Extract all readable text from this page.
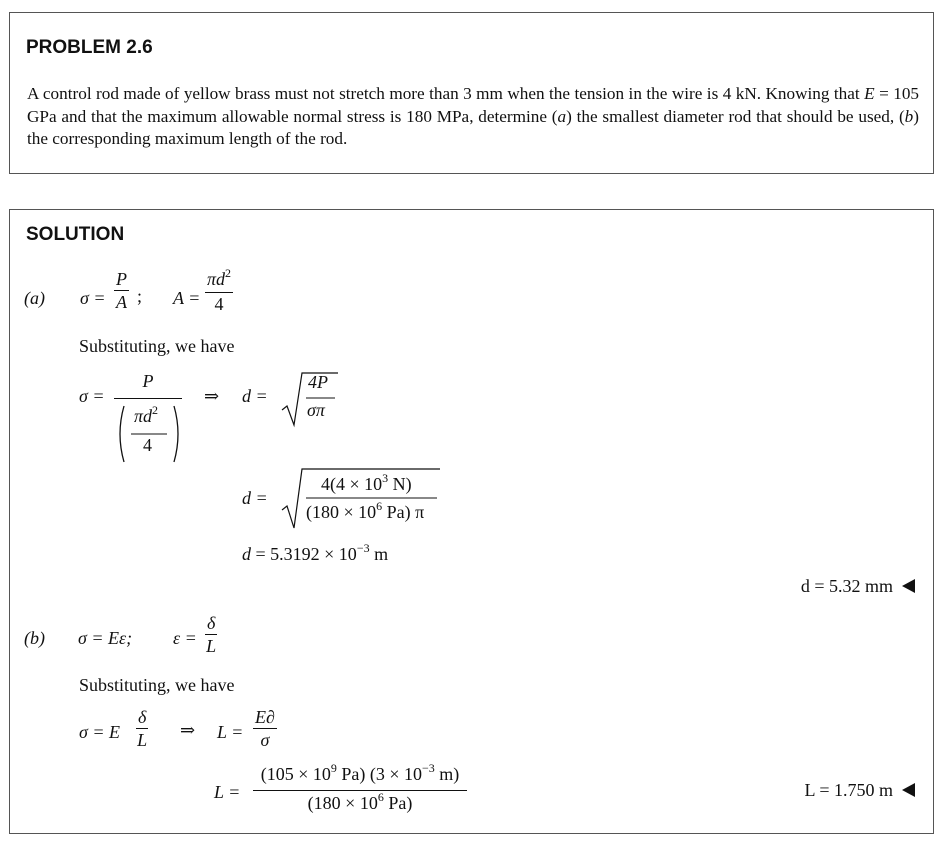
PROBLEM 2.6
A control rod made of yellow brass must not stretch more than 3 mm when the tension in the wire is 4 kN. Knowing that E = 105 GPa and that the maximum allowable normal stress is 180 MPa, determine (a) the smallest diameter rod that should be used, (b) the corresponding maximum length of the rod.
SOLUTION
(a) σ =
P
A ; A =
$\pi d^2$
4
Substituting, we have
σ =
P
$\pi d^2$
4
⇒ d =
4P
σπ
d =
$4(4 \times 10^3$ N)
($180 \times 10^6$ Pa) π
$d = 5.3192 \times 10^{-3}$ m
d = 5.32 mm
(b) σ = Eε; ε =
δ
L
Substituting, we have
σ = E
δ
L ⇒ L =
E∂
σ
L =
($105 \times 10^9$ Pa) ($3 \times 10^{-3}$ m)
($180 \times 10^6$ Pa)
L = 1.750 m
